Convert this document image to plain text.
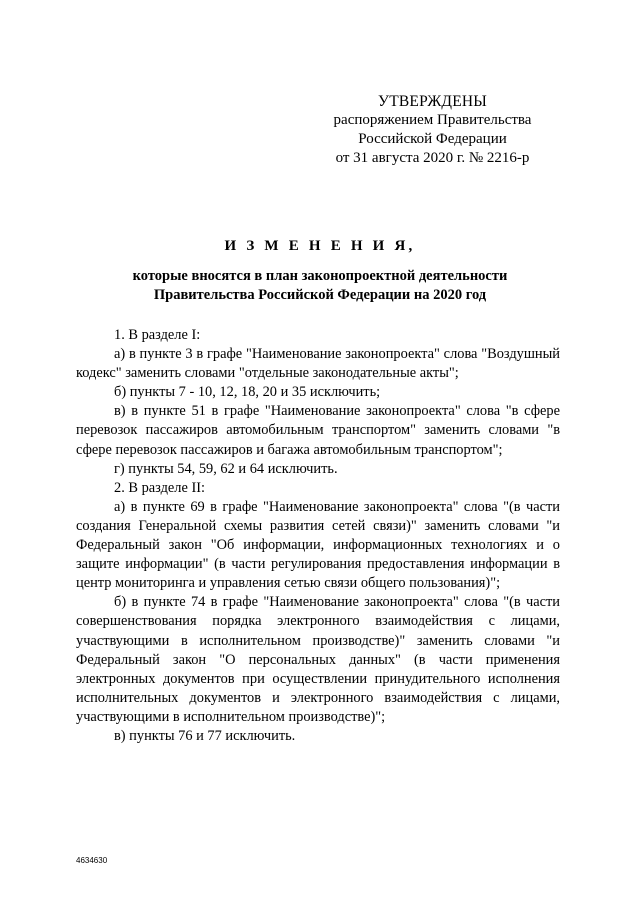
УТВЕРЖДЕНЫ
распоряжением Правительства
Российской Федерации
от 31 августа 2020 г. № 2216-р
И З М Е Н Е Н И Я,
которые вносятся в план законопроектной деятельности
Правительства Российской Федерации на 2020 год

1. В разделе I:

а) в пункте 3 в графе "Наименование законопроекта" слова "Воздушный кодекс" заменить словами "отдельные законодательные акты";

б) пункты 7 - 10, 12, 18, 20 и 35 исключить;

в) в пункте 51 в графе "Наименование законопроекта" слова "в сфере перевозок пассажиров автомобильным транспортом" заменить словами "в сфере перевозок пассажиров и багажа автомобильным транспортом";

г) пункты 54, 59, 62 и 64 исключить.

2. В разделе II:

а) в пункте 69 в графе "Наименование законопроекта" слова "(в части создания Генеральной схемы развития сетей связи)" заменить словами "и Федеральный закон "Об информации, информационных технологиях и о защите информации" (в части регулирования предоставления информации в центр мониторинга и управления сетью связи общего пользования)";

б) в пункте 74 в графе "Наименование законопроекта" слова "(в части совершенствования порядка электронного взаимодействия с лицами, участвующими в исполнительном производстве)" заменить словами "и Федеральный закон "О персональных данных" (в части применения электронных документов при осуществлении принудительного исполнения исполнительных документов и электронного взаимодействия с лицами, участвующими в исполнительном производстве)";

в) пункты 76 и 77 исключить.

4634630
